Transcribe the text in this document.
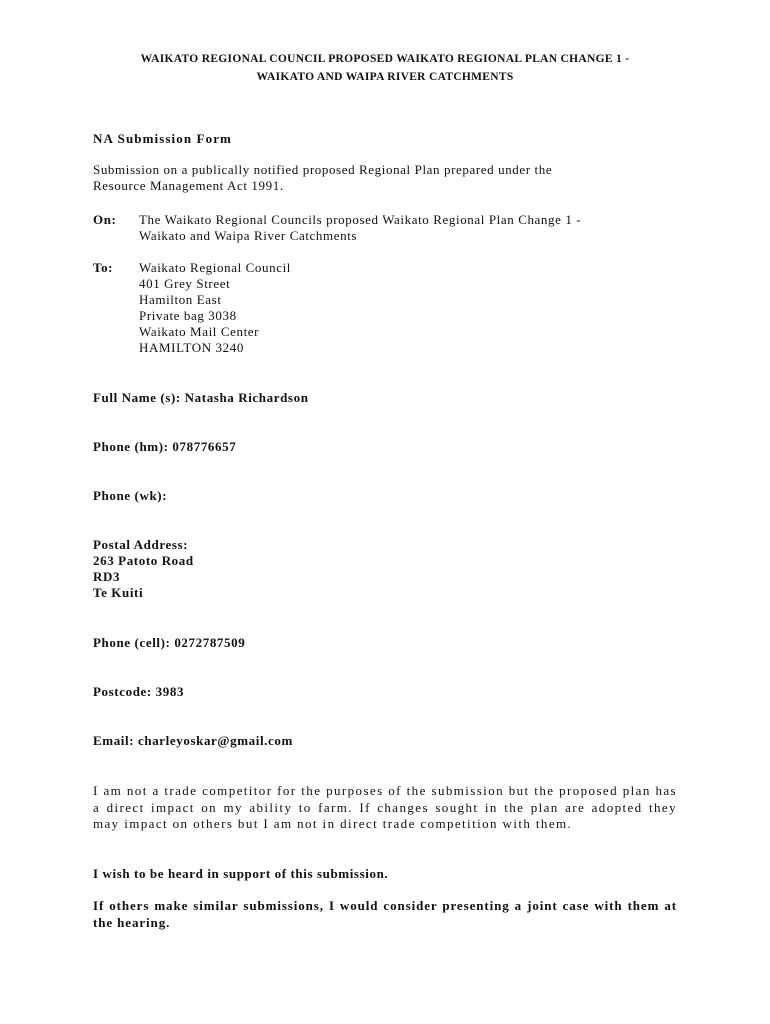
WAIKATO REGIONAL COUNCIL PROPOSED WAIKATO REGIONAL PLAN CHANGE 1 -
WAIKATO AND WAIPA RIVER CATCHMENTS
NA Submission Form
Submission on a publically notified proposed Regional Plan prepared under the
Resource Management Act 1991.
On: The Waikato Regional Councils proposed Waikato Regional Plan Change 1 -
Waikato and Waipa River Catchments
To: Waikato Regional Council
401 Grey Street
Hamilton East
Private bag 3038
Waikato Mail Center
HAMILTON 3240
Full Name (s): Natasha Richardson
Phone (hm): 078776657
Phone (wk):
Postal Address:
263 Patoto Road
RD3
Te Kuiti
Phone (cell): 0272787509
Postcode: 3983
Email: charleyoskar@gmail.com
I am not a trade competitor for the purposes of the submission but the proposed plan has a direct impact on my ability to farm. If changes sought in the plan are adopted they may impact on others but I am not in direct trade competition with them.
I wish to be heard in support of this submission.
If others make similar submissions, I would consider presenting a joint case with them at the hearing.
